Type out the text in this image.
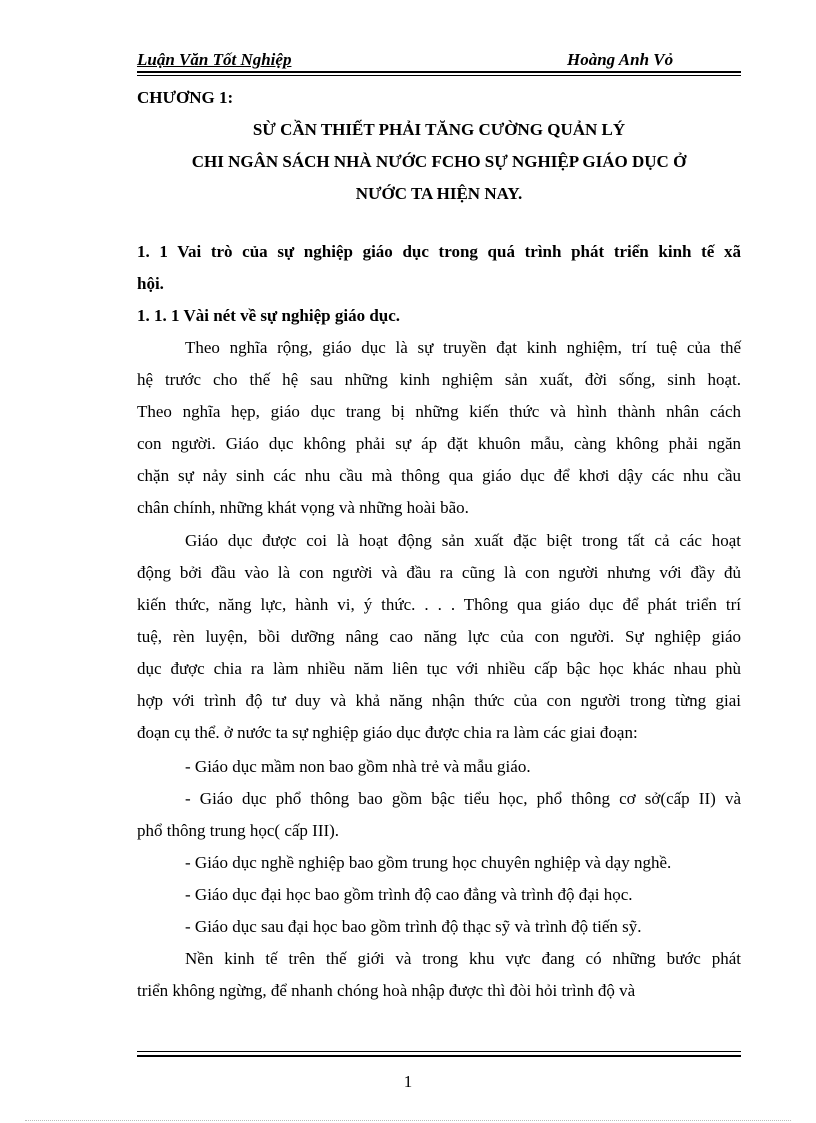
Luận Văn Tốt Nghiệp	Hoàng Anh Vỏ
CHƯƠNG 1:
SỪ CẦN THIẾT PHẢI TĂNG CƯỜNG QUẢN LÝ
CHI NGÂN SÁCH NHÀ NƯỚC FCHO SỰ NGHIỆP GIÁO DỤC Ở
NƯỚC TA HIỆN NAY.
1. 1 Vai trò của sự nghiệp giáo dục trong quá trình phát triển kinh tế xã
hội.
1. 1. 1 Vài nét về sự nghiệp giáo dục.
Theo nghĩa rộng, giáo dục là sự truyền đạt kinh nghiệm, trí tuệ của thế
hệ trước cho thế hệ sau những kinh nghiệm sản xuất, đời sống, sinh hoạt.
Theo nghĩa hẹp, giáo dục trang bị những kiến thức và hình thành nhân cách
con người. Giáo dục không phải sự áp đặt khuôn mẫu, càng không phải ngăn
chặn sự nảy sinh các nhu cầu mà thông qua giáo dục để khơi dậy các nhu cầu
chân chính, những khát vọng và những hoài bão.
Giáo dục được coi là hoạt động sản xuất đặc biệt trong tất cả các hoạt
động bởi đầu vào là con người và đầu ra cũng là con người nhưng với đầy đủ
kiến thức, năng lực, hành vi, ý thức. . . . Thông qua giáo dục để phát triển trí
tuệ, rèn luyện, bồi dưỡng nâng cao năng lực của con người. Sự nghiệp giáo
dục được chia ra làm nhiều năm liên tục với nhiều cấp bậc học khác nhau phù
hợp với trình độ tư duy và khả năng nhận thức của con người trong từng giai
đoạn cụ thể. ở nước ta sự nghiệp giáo dục được chia ra làm các giai đoạn:
- Giáo dục mầm non bao gồm nhà trẻ và mẫu giáo.
- Giáo dục phổ thông bao gồm bậc tiểu học, phổ thông cơ sở(cấp II) và
phổ thông trung học( cấp III).
- Giáo dục nghề nghiệp bao gồm trung học chuyên nghiệp và dạy nghề.
- Giáo dục đại học bao gồm trình độ cao đẳng và trình độ đại học.
- Giáo dục sau đại học bao gồm trình độ thạc sỹ và trình độ tiến sỹ.
Nền kinh tế trên thế giới và trong khu vực đang có những bước phát
triển không ngừng, để nhanh chóng hoà nhập được thì đòi hỏi trình độ và
1
